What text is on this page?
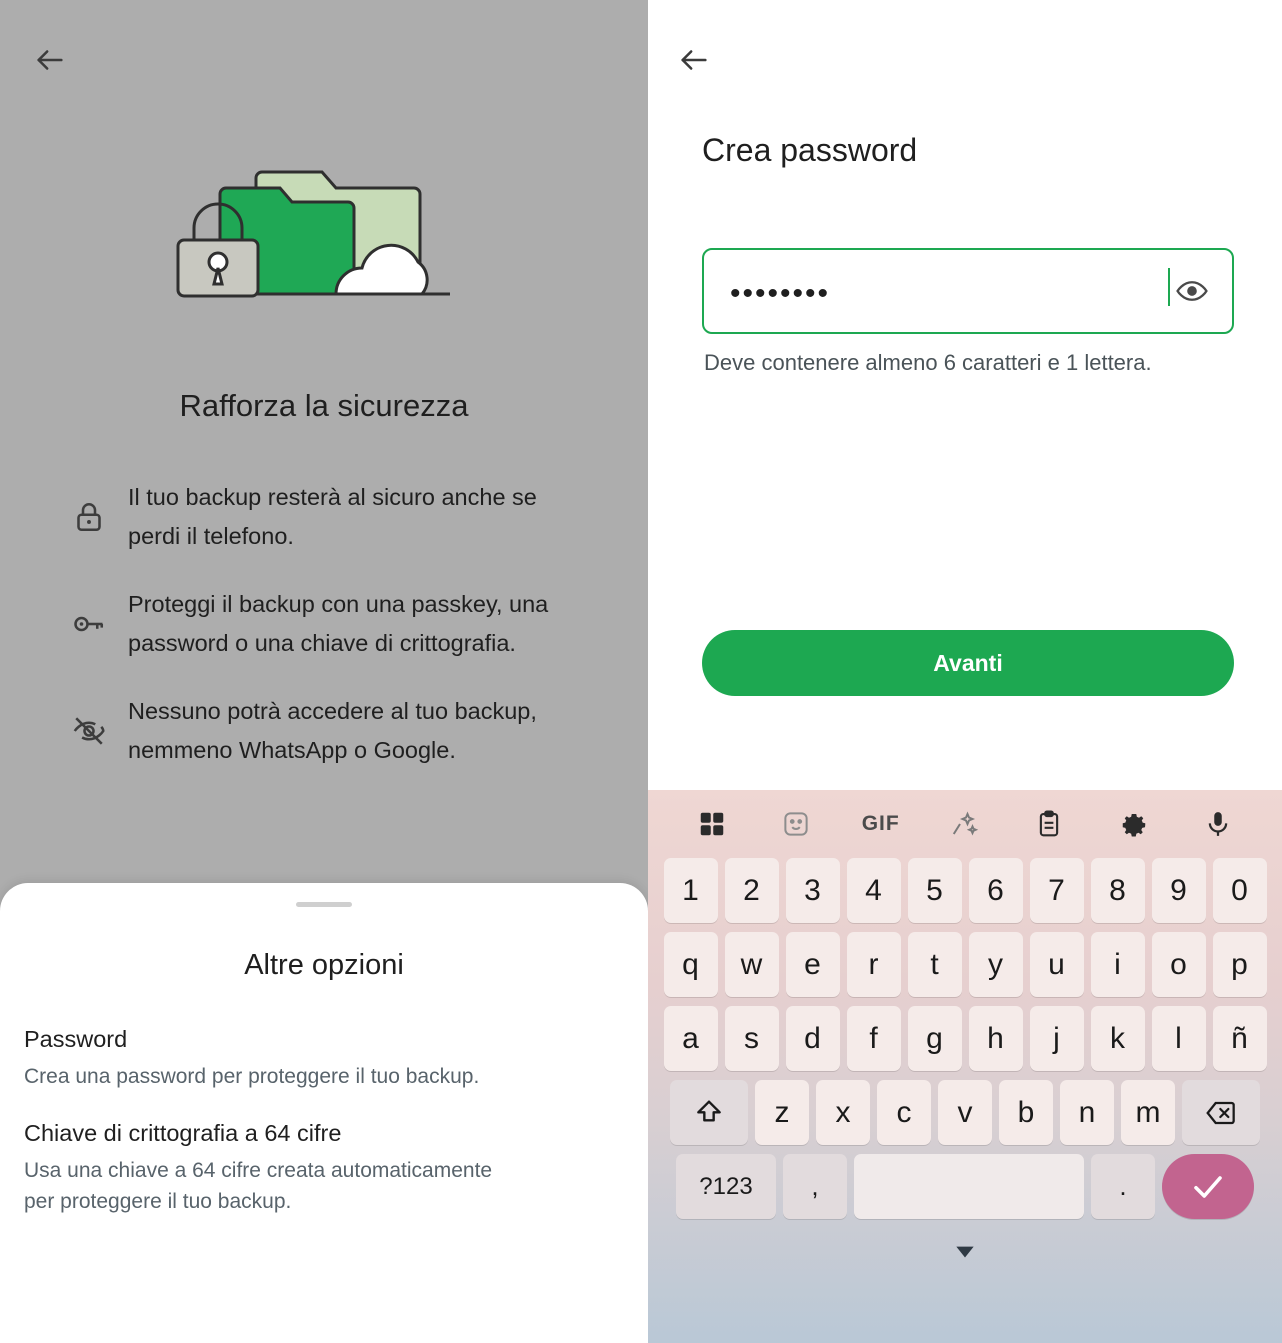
Rafforza la sicurezza
Il tuo backup resterà al sicuro anche se perdi il telefono.
Proteggi il backup con una passkey, una password o una chiave di crittografia.
Nessuno potrà accedere al tuo backup, nemmeno WhatsApp o Google.
Altre opzioni
Password
Crea una password per proteggere il tuo backup.
Chiave di crittografia a 64 cifre
Usa una chiave a 64 cifre creata automaticamente per proteggere il tuo backup.
Crea password
••••••••
Deve contenere almeno 6 caratteri e 1 lettera.
Avanti
GIF
1	2	3	4	5	6	7	8	9	0
q	w	e	r	t	y	u	i	o	p
a	s	d	f	g	h	j	k	l	ñ
z	x	c	v	b	n	m
?123	,	.
